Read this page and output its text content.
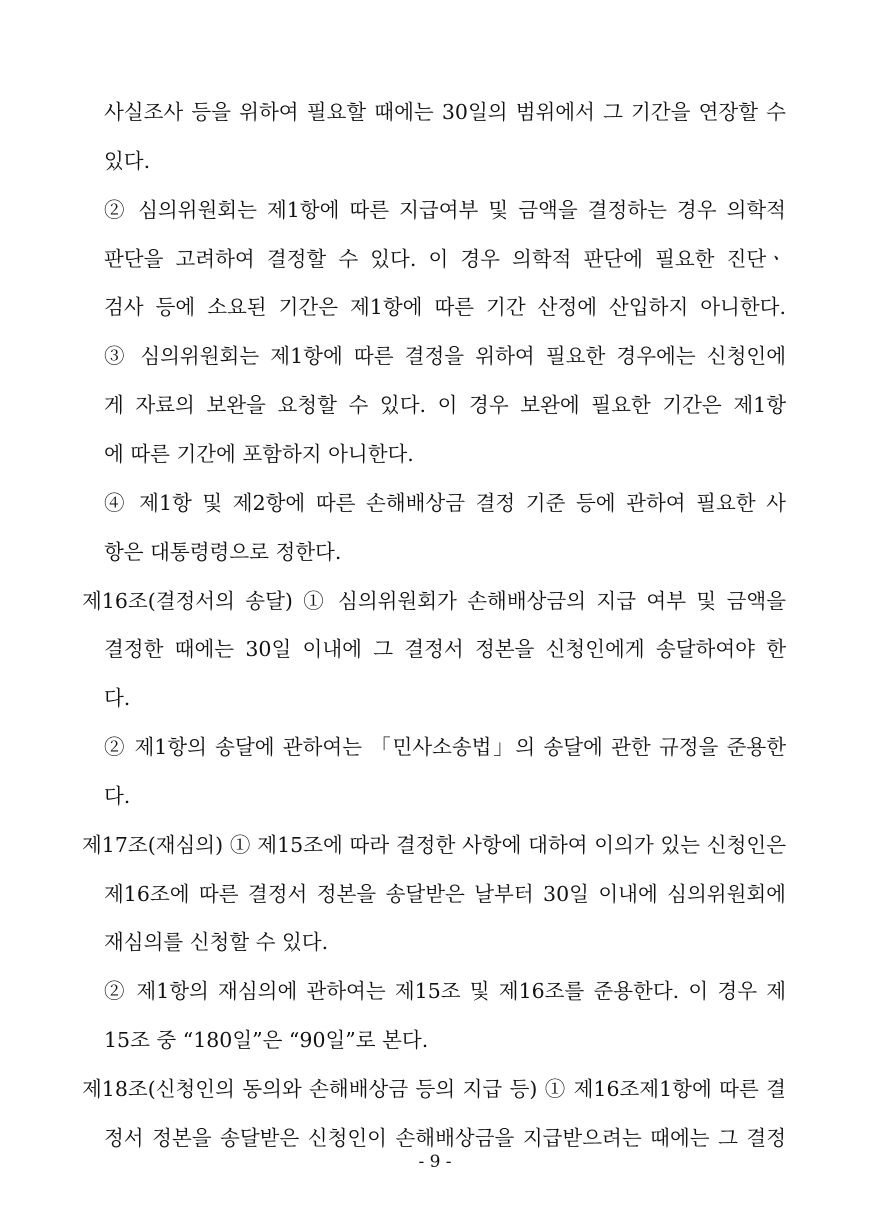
사실조사 등을 위하여 필요할 때에는 30일의 범위에서 그 기간을 연장할 수
있다.
② 심의위원회는 제1항에 따른 지급여부 및 금액을 결정하는 경우 의학적
판단을 고려하여 결정할 수 있다. 이 경우 의학적 판단에 필요한 진단ㆍ
검사 등에 소요된 기간은 제1항에 따른 기간 산정에 산입하지 아니한다.
③ 심의위원회는 제1항에 따른 결정을 위하여 필요한 경우에는 신청인에
게 자료의 보완을 요청할 수 있다. 이 경우 보완에 필요한 기간은 제1항
에 따른 기간에 포함하지 아니한다.
④ 제1항 및 제2항에 따른 손해배상금 결정 기준 등에 관하여 필요한 사
항은 대통령령으로 정한다.
제16조(결정서의 송달) ① 심의위원회가 손해배상금의 지급 여부 및 금액을
결정한 때에는 30일 이내에 그 결정서 정본을 신청인에게 송달하여야 한
다.
② 제1항의 송달에 관하여는 「민사소송법」의 송달에 관한 규정을 준용한
다.
제17조(재심의) ① 제15조에 따라 결정한 사항에 대하여 이의가 있는 신청인은
제16조에 따른 결정서 정본을 송달받은 날부터 30일 이내에 심의위원회에
재심의를 신청할 수 있다.
② 제1항의 재심의에 관하여는 제15조 및 제16조를 준용한다. 이 경우 제
15조 중 “180일”은 “90일”로 본다.
제18조(신청인의 동의와 손해배상금 등의 지급 등) ① 제16조제1항에 따른 결
정서 정본을 송달받은 신청인이 손해배상금을 지급받으려는 때에는 그 결정
- 9 -
